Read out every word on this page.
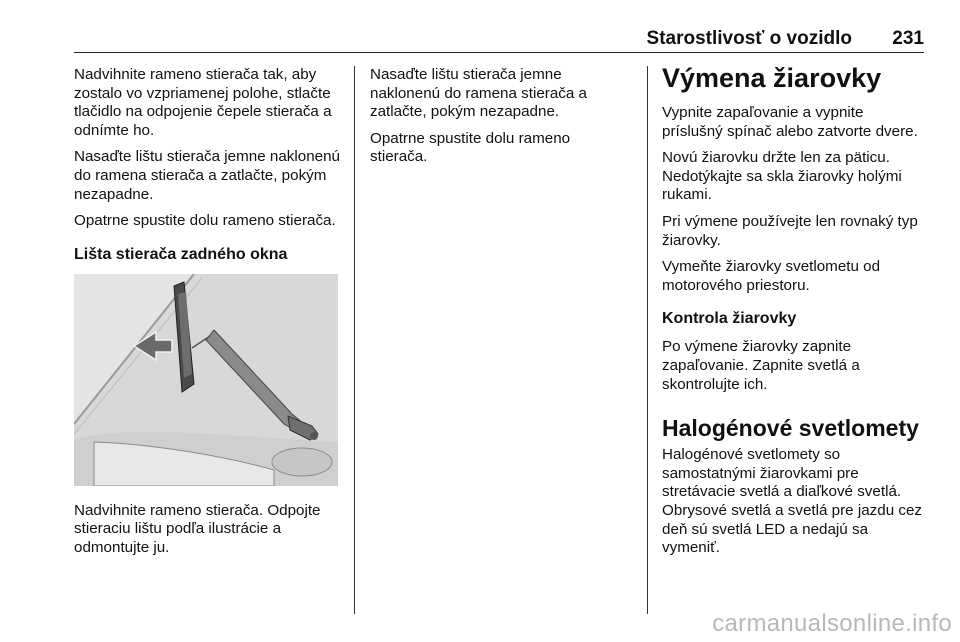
Starostlivosť o vozidlo 231

Nadvihnite rameno stierača tak, aby zostalo vo vzpriamenej polohe, stlačte tlačidlo na odpojenie čepele stierača a odnímte ho.

Nasaďte lištu stierača jemne naklonenú do ramena stierača a zatlačte, pokým nezapadne.

Opatrne spustite dolu rameno stierača.

Lišta stierača zadného okna

Nadvihnite rameno stierača. Odpojte stieraciu lištu podľa ilustrácie a odmontujte ju.

Nasaďte lištu stierača jemne naklonenú do ramena stierača a zatlačte, pokým nezapadne.

Opatrne spustite dolu rameno stierača.

Výmena žiarovky

Vypnite zapaľovanie a vypnite príslušný spínač alebo zatvorte dvere.

Novú žiarovku držte len za päticu. Nedotýkajte sa skla žiarovky holými rukami.

Pri výmene používejte len rovnaký typ žiarovky.

Vymeňte žiarovky svetlometu od motorového priestoru.

Kontrola žiarovky

Po výmene žiarovky zapnite zapaľovanie. Zapnite svetlá a skontrolujte ich.

Halogénové svetlomety

Halogénové svetlomety so samostatnými žiarovkami pre stretávacie svetlá a diaľkové svetlá. Obrysové svetlá a svetlá pre jazdu cez deň sú svetlá LED a nedajú sa vymeniť.

carmanualsonline.info
